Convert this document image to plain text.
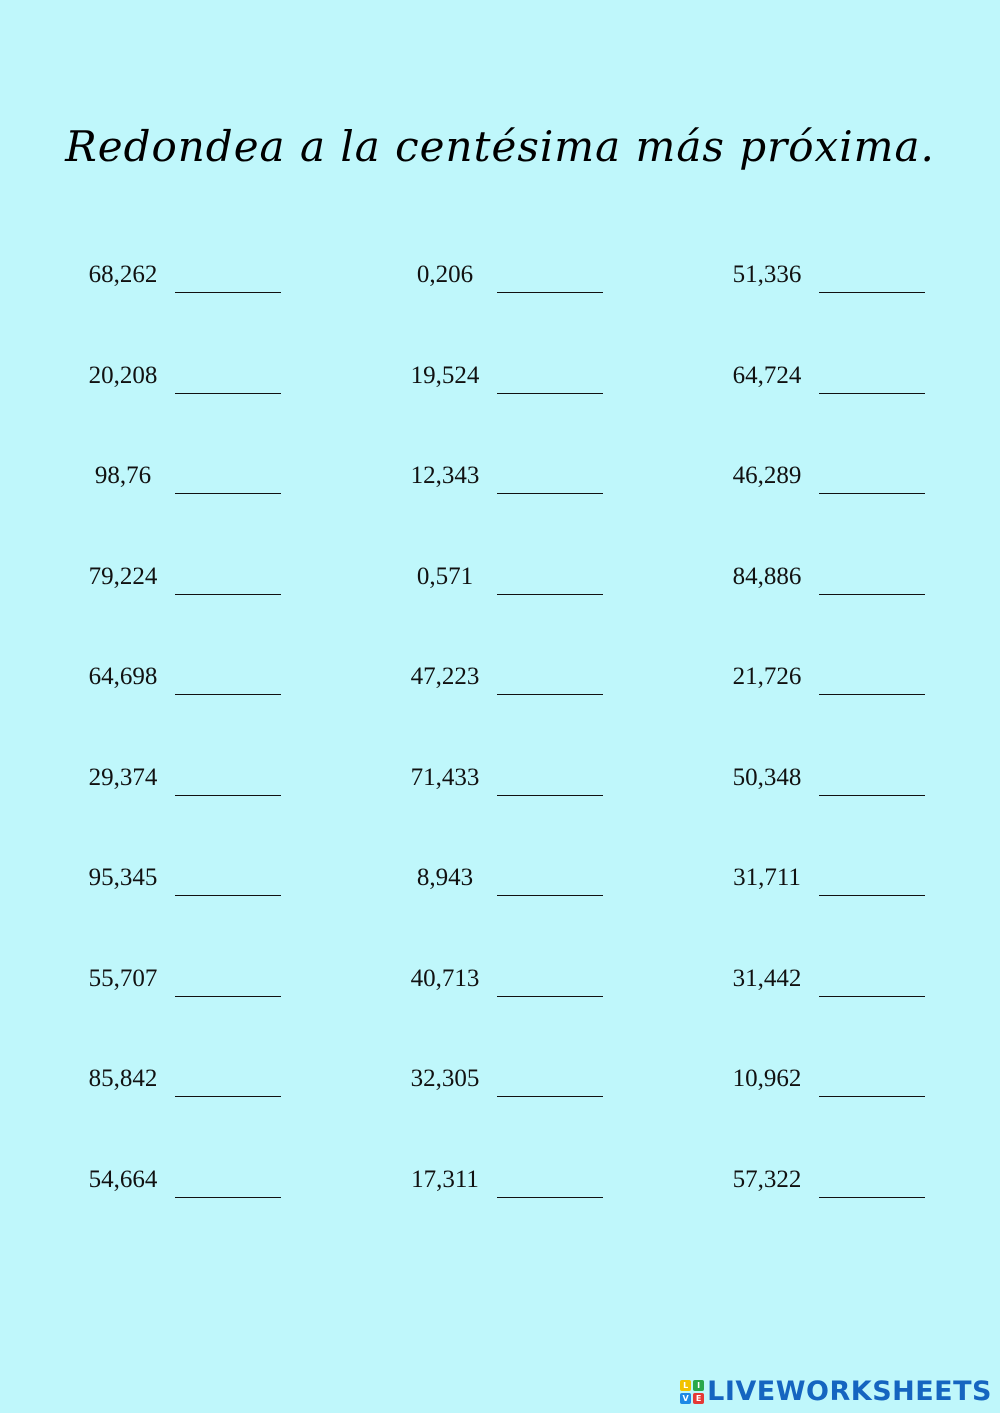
Redondea a la centésima más próxima.
68,262
20,208
98,76
79,224
64,698
29,374
95,345
55,707
85,842
54,664
0,206
19,524
12,343
0,571
47,223
71,433
8,943
40,713
32,305
17,311
51,336
64,724
46,289
84,886
21,726
50,348
31,711
31,442
10,962
57,322
L	I
V E LIVEWORKSHEETS
